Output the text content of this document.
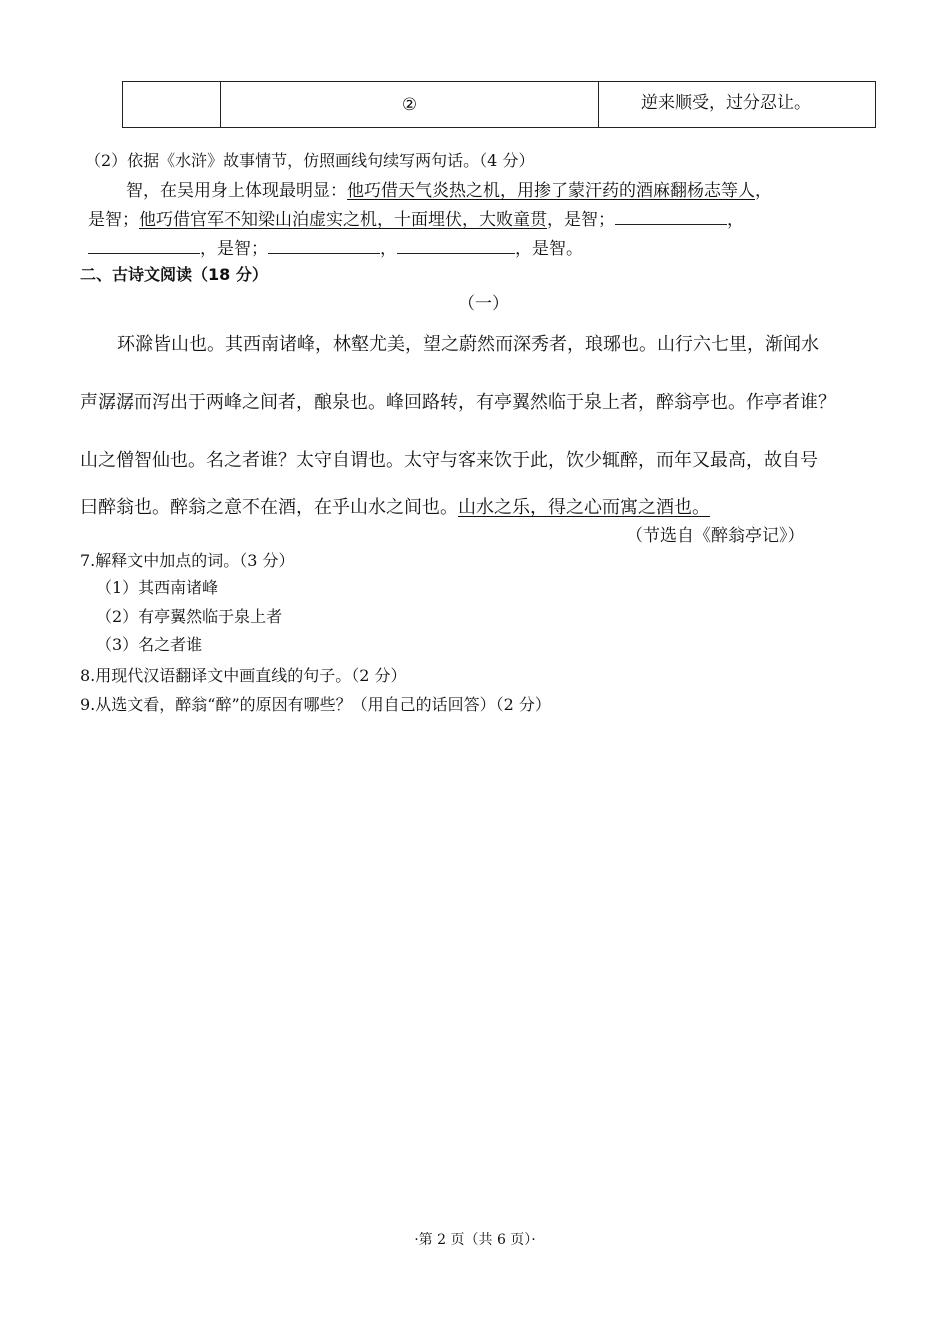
②	逆来顺受，过分忍让。
（2）依据《水浒》故事情节，仿照画线句续写两句话。（4 分）
智，在吴用身上体现最明显：他巧借天气炎热之机，用掺了蒙汗药的酒麻翻杨志等人，
是智；他巧借官军不知梁山泊虚实之机，十面埋伏，大败童贯，是智；	，
，是智；	，	，是智。
二、古诗文阅读（18 分）
（一）
环滁皆山也。其西南诸峰，林壑尤美，望之蔚然而深秀者，琅琊也。山行六七里，渐闻水
声潺潺而泻出于两峰之间者，酿泉也。峰回路转，有亭翼然临于泉上者，醉翁亭也。作亭者谁？
山之僧智仙也。名之者谁？太守自谓也。太守与客来饮于此，饮少辄醉，而年又最高，故自号
曰醉翁也。醉翁之意不在酒，在乎山水之间也。山水之乐，得之心而寓之酒也。
（节选自《醉翁亭记》）
7.解释文中加点的词。（3 分）
（1）其西南诸峰
（2）有亭翼然临于泉上者
（3）名之者谁
8.用现代汉语翻译文中画直线的句子。（2 分）
9.从选文看，醉翁“醉”的原因有哪些？（用自己的话回答）（2 分）
·第 2 页（共 6 页）·
